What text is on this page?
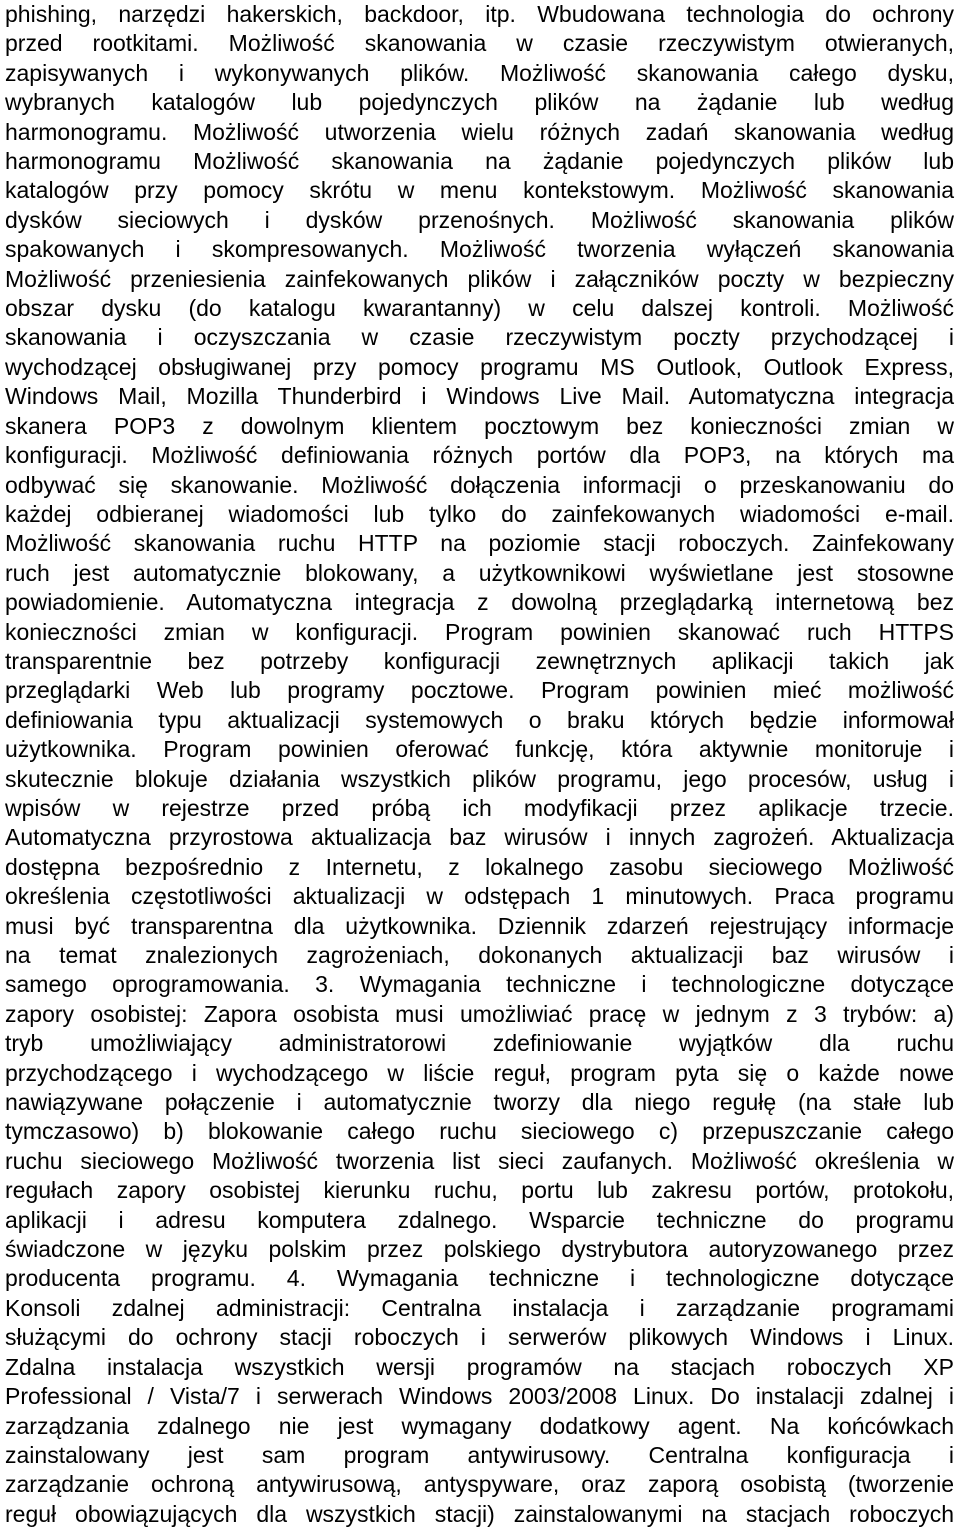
phishing, narzędzi hakerskich, backdoor, itp. Wbudowana technologia do ochrony
przed rootkitami. Możliwość skanowania w czasie rzeczywistym otwieranych,
zapisywanych i wykonywanych plików. Możliwość skanowania całego dysku,
wybranych katalogów lub pojedynczych plików na żądanie lub według
harmonogramu. Możliwość utworzenia wielu różnych zadań skanowania według
harmonogramu Możliwość skanowania na żądanie pojedynczych plików lub
katalogów przy pomocy skrótu w menu kontekstowym. Możliwość skanowania
dysków sieciowych i dysków przenośnych. Możliwość skanowania plików
spakowanych i skompresowanych. Możliwość tworzenia wyłączeń skanowania
Możliwość przeniesienia zainfekowanych plików i załączników poczty w bezpieczny
obszar dysku (do katalogu kwarantanny) w celu dalszej kontroli. Możliwość
skanowania i oczyszczania w czasie rzeczywistym poczty przychodzącej i
wychodzącej obsługiwanej przy pomocy programu MS Outlook, Outlook Express,
Windows Mail, Mozilla Thunderbird i Windows Live Mail. Automatyczna integracja
skanera POP3 z dowolnym klientem pocztowym bez konieczności zmian w
konfiguracji. Możliwość definiowania różnych portów dla POP3, na których ma
odbywać się skanowanie. Możliwość dołączenia informacji o przeskanowaniu do
każdej odbieranej wiadomości lub tylko do zainfekowanych wiadomości e-mail.
Możliwość skanowania ruchu HTTP na poziomie stacji roboczych. Zainfekowany
ruch jest automatycznie blokowany, a użytkownikowi wyświetlane jest stosowne
powiadomienie. Automatyczna integracja z dowolną przeglądarką internetową bez
konieczności zmian w konfiguracji. Program powinien skanować ruch HTTPS
transparentnie bez potrzeby konfiguracji zewnętrznych aplikacji takich jak
przeglądarki Web lub programy pocztowe. Program powinien mieć możliwość
definiowania typu aktualizacji systemowych o braku których będzie informował
użytkownika. Program powinien oferować funkcję, która aktywnie monitoruje i
skutecznie blokuje działania wszystkich plików programu, jego procesów, usług i
wpisów w rejestrze przed próbą ich modyfikacji przez aplikacje trzecie.
Automatyczna przyrostowa aktualizacja baz wirusów i innych zagrożeń. Aktualizacja
dostępna bezpośrednio z Internetu, z lokalnego zasobu sieciowego Możliwość
określenia częstotliwości aktualizacji w odstępach 1 minutowych. Praca programu
musi być transparentna dla użytkownika. Dziennik zdarzeń rejestrujący informacje
na temat znalezionych zagrożeniach, dokonanych aktualizacji baz wirusów i
samego oprogramowania. 3. Wymagania techniczne i technologiczne dotyczące
zapory osobistej: Zapora osobista musi umożliwiać pracę w jednym z 3 trybów: a)
tryb umożliwiający administratorowi zdefiniowanie wyjątków dla ruchu
przychodzącego i wychodzącego w liście reguł, program pyta się o każde nowe
nawiązywane połączenie i automatycznie tworzy dla niego regułę (na stałe lub
tymczasowo) b) blokowanie całego ruchu sieciowego c) przepuszczanie całego
ruchu sieciowego Możliwość tworzenia list sieci zaufanych. Możliwość określenia w
regułach zapory osobistej kierunku ruchu, portu lub zakresu portów, protokołu,
aplikacji i adresu komputera zdalnego. Wsparcie techniczne do programu
świadczone w języku polskim przez polskiego dystrybutora autoryzowanego przez
producenta programu. 4. Wymagania techniczne i technologiczne dotyczące
Konsoli zdalnej administracji: Centralna instalacja i zarządzanie programami
służącymi do ochrony stacji roboczych i serwerów plikowych Windows i Linux.
Zdalna instalacja wszystkich wersji programów na stacjach roboczych XP
Professional / Vista/7 i serwerach Windows 2003/2008 Linux. Do instalacji zdalnej i
zarządzania zdalnego nie jest wymagany dodatkowy agent. Na końcówkach
zainstalowany jest sam program antywirusowy. Centralna konfiguracja i
zarządzanie ochroną antywirusową, antyspyware, oraz zaporą osobistą (tworzenie
reguł obowiązujących dla wszystkich stacji) zainstalowanymi na stacjach roboczych
